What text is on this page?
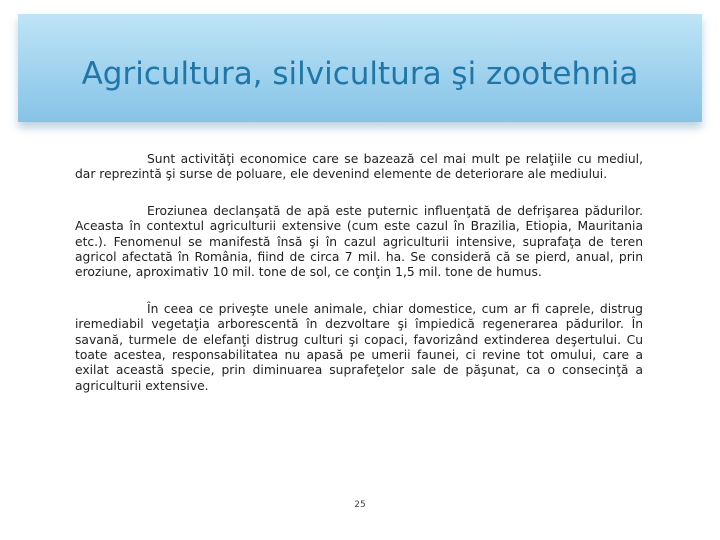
Agricultura, silvicultura şi zootehnia

Sunt activităţi economice care se bazează cel mai mult pe relaţiile cu mediul, dar reprezintă şi surse de poluare, ele devenind elemente de deteriorare ale mediului.

Eroziunea declanşată de apă este puternic influenţată de defrişarea pădurilor. Aceasta în contextul agriculturii extensive (cum este cazul în Brazilia, Etiopia, Mauritania etc.). Fenomenul se manifestă însă şi în cazul agriculturii intensive, suprafaţa de teren agricol afectată în România, fiind de circa 7 mil. ha. Se consideră că se pierd, anual, prin eroziune, aproximativ 10 mil. tone de sol, ce conţin 1,5 mil. tone de humus.

În ceea ce priveşte unele animale, chiar domestice, cum ar fi caprele, distrug iremediabil vegetaţia arborescentă în dezvoltare şi împiedică regenerarea pădurilor. În savană, turmele de elefanţi distrug culturi şi copaci, favorizând extinderea deşertului. Cu toate acestea, responsabilitatea nu apasă pe umerii faunei, ci revine tot omului, care a exilat această specie, prin diminuarea suprafeţelor sale de păşunat, ca o consecinţă a agriculturii extensive.

25
